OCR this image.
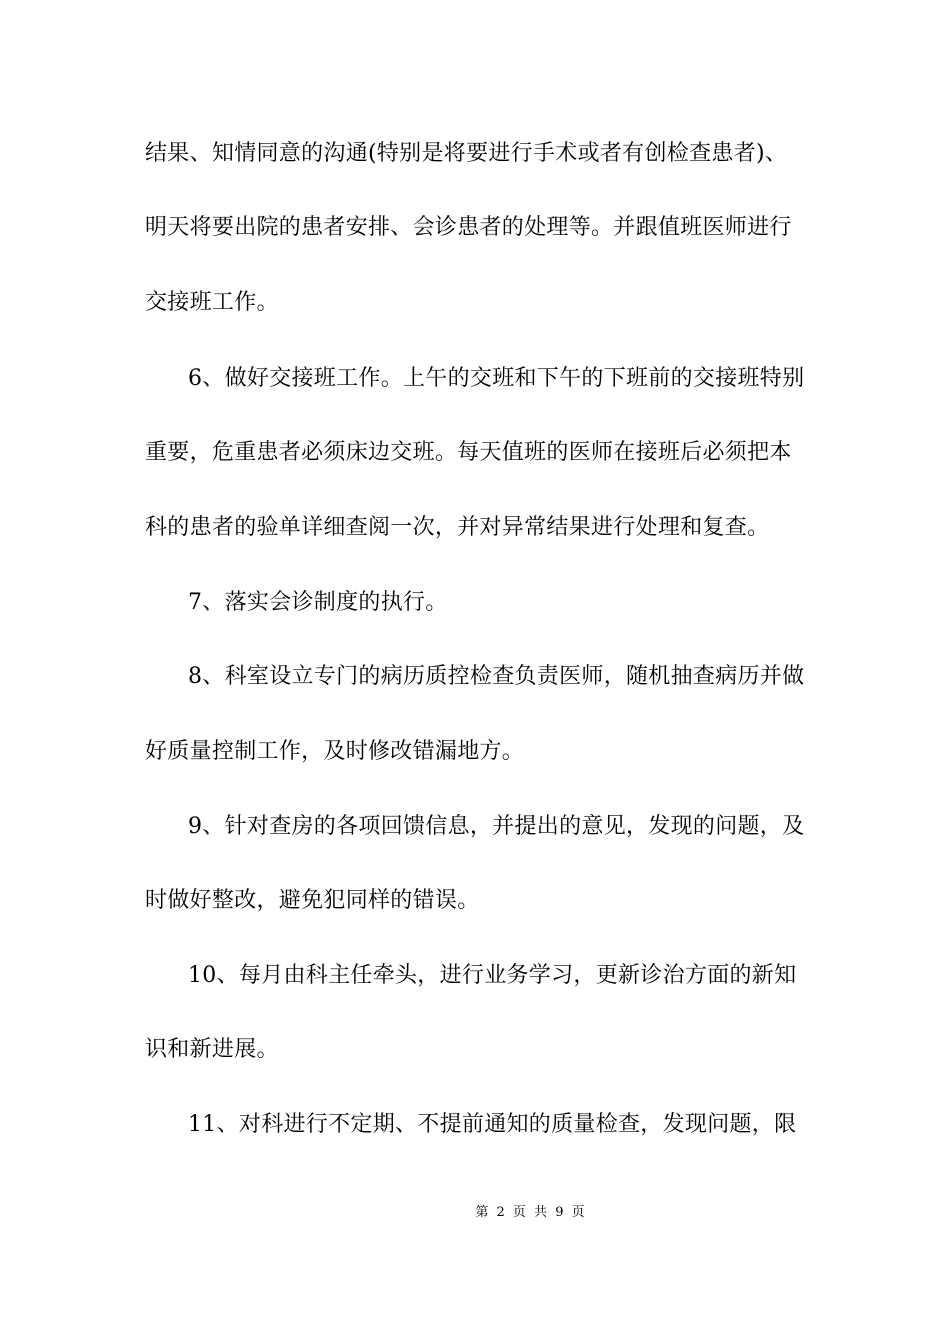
结果、知情同意的沟通(特别是将要进行手术或者有创检查患者)、
明天将要出院的患者安排、会诊患者的处理等。并跟值班医师进行
交接班工作。
6、做好交接班工作。上午的交班和下午的下班前的交接班特别
重要，危重患者必须床边交班。每天值班的医师在接班后必须把本
科的患者的验单详细查阅一次，并对异常结果进行处理和复查。
7、落实会诊制度的执行。
8、科室设立专门的病历质控检查负责医师，随机抽查病历并做
好质量控制工作，及时修改错漏地方。
9、针对查房的各项回馈信息，并提出的意见，发现的问题，及
时做好整改，避免犯同样的错误。
10、每月由科主任牵头，进行业务学习，更新诊治方面的新知
识和新进展。
11、对科进行不定期、不提前通知的质量检查，发现问题，限
第 2 页 共 9 页
